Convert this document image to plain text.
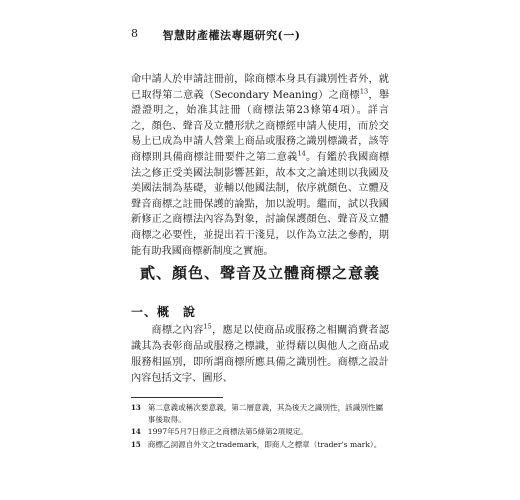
8 智慧財產權法專題研究(一)

命中請人於申請註冊前，除商標本身具有識別性者外，就已取得第二意義（Secondary Meaning）之商標$^{13}$，舉證證明之，始准其註冊（商標法第23條第4項）。詳言之，顏色、聲音及立體形狀之商標經申請人使用，而於交易上已成為申請人營業上商品或服務之識別標識者，該等商標則具備商標註冊要件之第二意義$^{14}$。有鑑於我國商標法之修正受美國法制影響甚鉅，故本文之論述則以我國及美國法制為基礎，並輔以他國法制，依序就顏色、立體及聲音商標之註冊保護的論點，加以說明。繼而，試以我國新修正之商標法內容為對象，討論保護顏色、聲音及立體商標之必要性，並提出若干淺見，以作為立法之參酌，期能有助我國商標新制度之實施。

貳、顏色、聲音及立體商標之意義
一、概　說

商標之內容$^{15}$，應足以使商品或服務之相關消費者認識其為表彰商品或服務之標識，並得藉以與他人之商品或服務相區別，即所謂商標所應具備之識別性。商標之設計內容包括文字、圖形、

13 第二意義或稱次要意義，第二層意義，其為後天之識別性，該識別性屬事後取得。
14 1997年5月7日修正之商標法第5條第2項規定。
15 商標乙詞源自外文之trademark，即商人之標章（trader's mark）。
